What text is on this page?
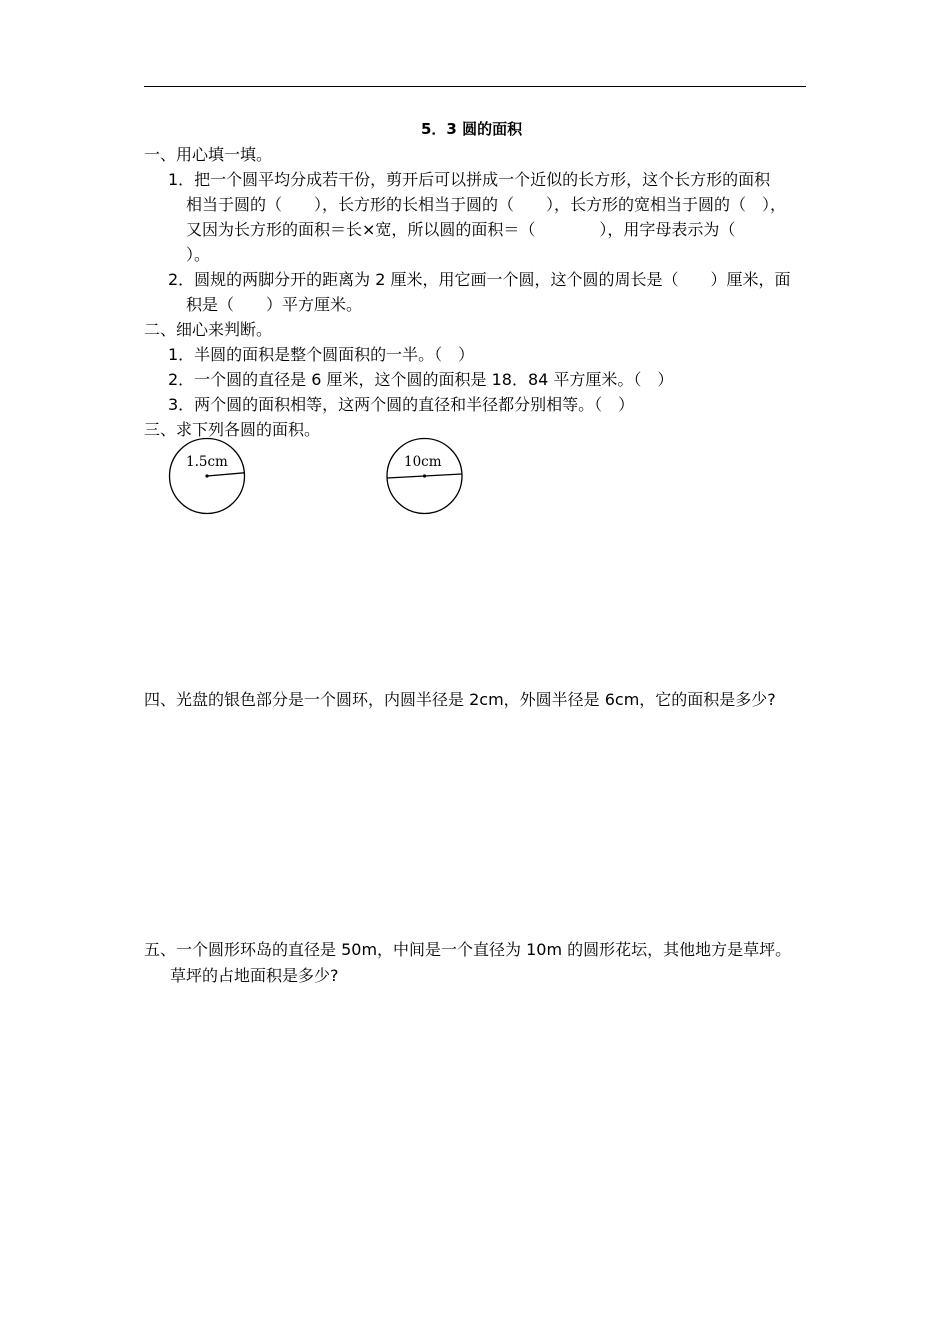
5．3 圆的面积
一、用心填一填。
1．把一个圆平均分成若干份，剪开后可以拼成一个近似的长方形，这个长方形的面积
相当于圆的（　　），长方形的长相当于圆的（　　），长方形的宽相当于圆的（　），
又因为长方形的面积＝长×宽，所以圆的面积＝（　　　　），用字母表示为（
）。
2．圆规的两脚分开的距离为 2 厘米，用它画一个圆，这个圆的周长是（　　）厘米，面
积是（　　）平方厘米。
二、细心来判断。
1．半圆的面积是整个圆面积的一半。（　）
2．一个圆的直径是 6 厘米，这个圆的面积是 18．84 平方厘米。（　）
3．两个圆的面积相等，这两个圆的直径和半径都分别相等。（　）
三、求下列各圆的面积。
1.5cm	10cm
四、光盘的银色部分是一个圆环，内圆半径是 2cm，外圆半径是 6cm，它的面积是多少?
五、一个圆形环岛的直径是 50m，中间是一个直径为 10m 的圆形花坛，其他地方是草坪。
草坪的占地面积是多少?
